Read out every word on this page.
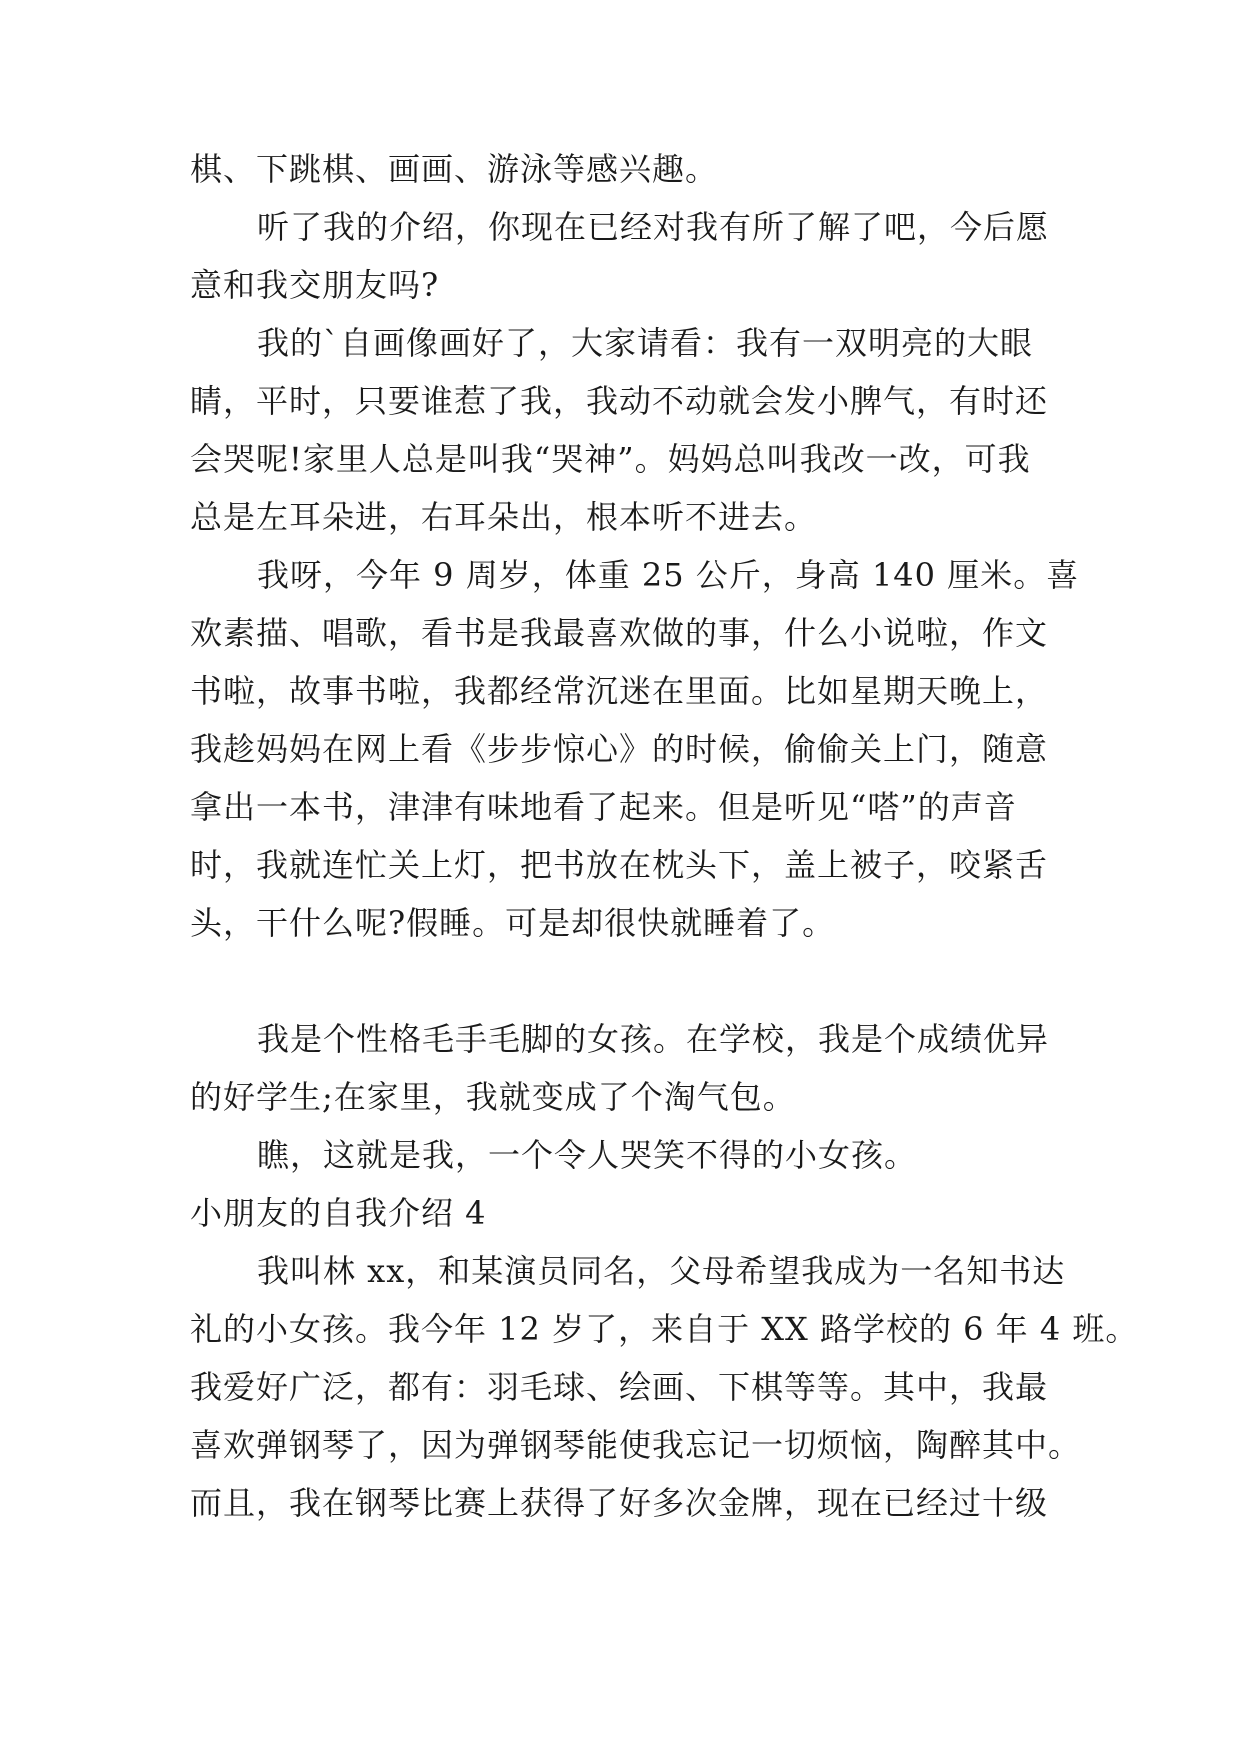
棋、下跳棋、画画、游泳等感兴趣。
听了我的介绍，你现在已经对我有所了解了吧，今后愿
意和我交朋友吗?
我的`自画像画好了，大家请看：我有一双明亮的大眼
睛，平时，只要谁惹了我，我动不动就会发小脾气，有时还
会哭呢!家里人总是叫我“哭神”。妈妈总叫我改一改，可我
总是左耳朵进，右耳朵出，根本听不进去。
我呀，今年 9 周岁，体重 25 公斤，身高 140 厘米。喜
欢素描、唱歌，看书是我最喜欢做的事，什么小说啦，作文
书啦，故事书啦，我都经常沉迷在里面。比如星期天晚上，
我趁妈妈在网上看《步步惊心》的时候，偷偷关上门，随意
拿出一本书，津津有味地看了起来。但是听见“嗒”的声音
时，我就连忙关上灯，把书放在枕头下，盖上被子，咬紧舌
头，干什么呢?假睡。可是却很快就睡着了。
我是个性格毛手毛脚的女孩。在学校，我是个成绩优异
的好学生;在家里，我就变成了个淘气包。
瞧，这就是我，一个令人哭笑不得的小女孩。
小朋友的自我介绍 4
我叫林 xx，和某演员同名，父母希望我成为一名知书达
礼的小女孩。我今年 12 岁了，来自于 XX 路学校的 6 年 4 班。
我爱好广泛，都有：羽毛球、绘画、下棋等等。其中，我最
喜欢弹钢琴了，因为弹钢琴能使我忘记一切烦恼，陶醉其中。
而且，我在钢琴比赛上获得了好多次金牌，现在已经过十级
